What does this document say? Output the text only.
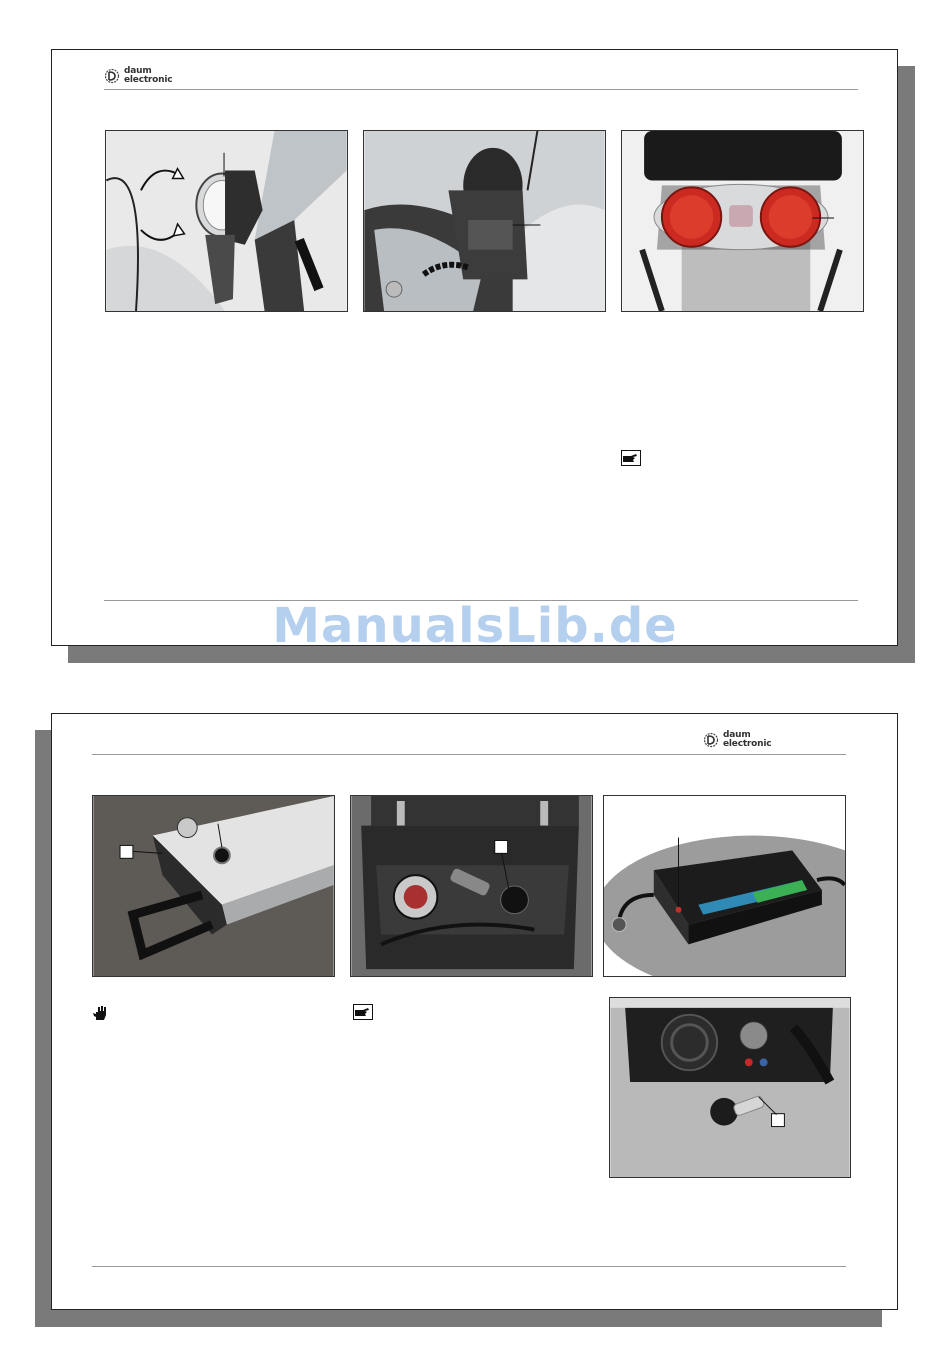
daum
electronic
ManualsLib.de
daum
electronic
